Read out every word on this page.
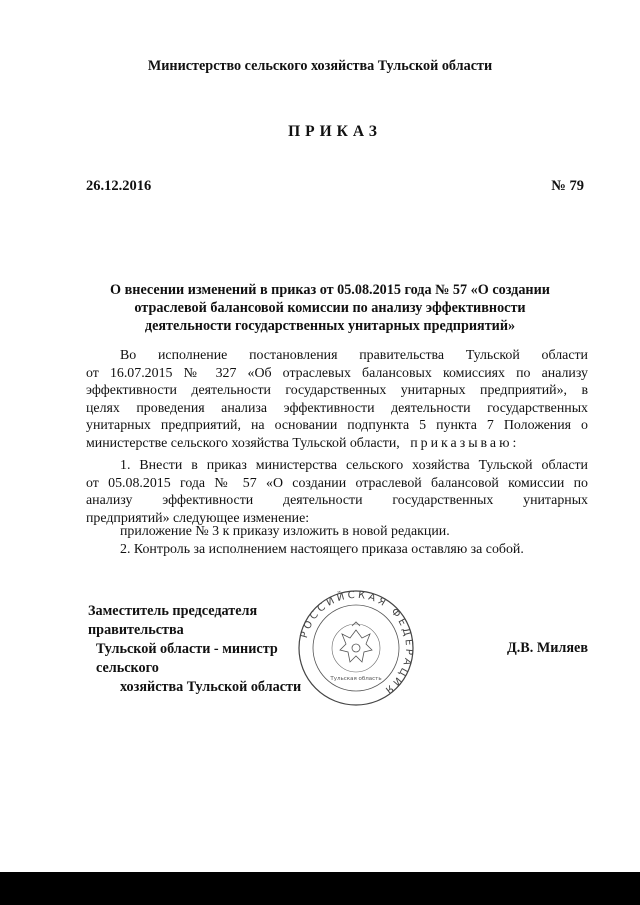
Министерство сельского хозяйства Тульской области
ПРИКАЗ
26.12.2016	№ 79
О внесении изменений в приказ от 05.08.2015 года № 57 «О создании
отраслевой балансовой комиссии по анализу эффективности
деятельности государственных унитарных предприятий»
Во исполнение постановления правительства Тульской области
от 16.07.2015 № 327 «Об отраслевых балансовых комиссиях по анализу
эффективности деятельности государственных унитарных предприятий», в
целях проведения анализа эффективности деятельности государственных
унитарных предприятий, на основании подпункта 5 пункта 7 Положения о
министерстве сельского хозяйства Тульской области, приказываю:
1. Внести в приказ министерства сельского хозяйства Тульской области
от 05.08.2015 года № 57 «О создании отраслевой балансовой комиссии по
анализу эффективности деятельности государственных унитарных
предприятий» следующее изменение:
приложение № 3 к приказу изложить в новой редакции.
2. Контроль за исполнением настоящего приказа оставляю за собой.
РОССИЙСКАЯ ФЕДЕРАЦИЯ
Тульская область
Заместитель председателя правительства
Тульской области - министр сельского
хозяйства Тульской области
Д.В. Миляев
